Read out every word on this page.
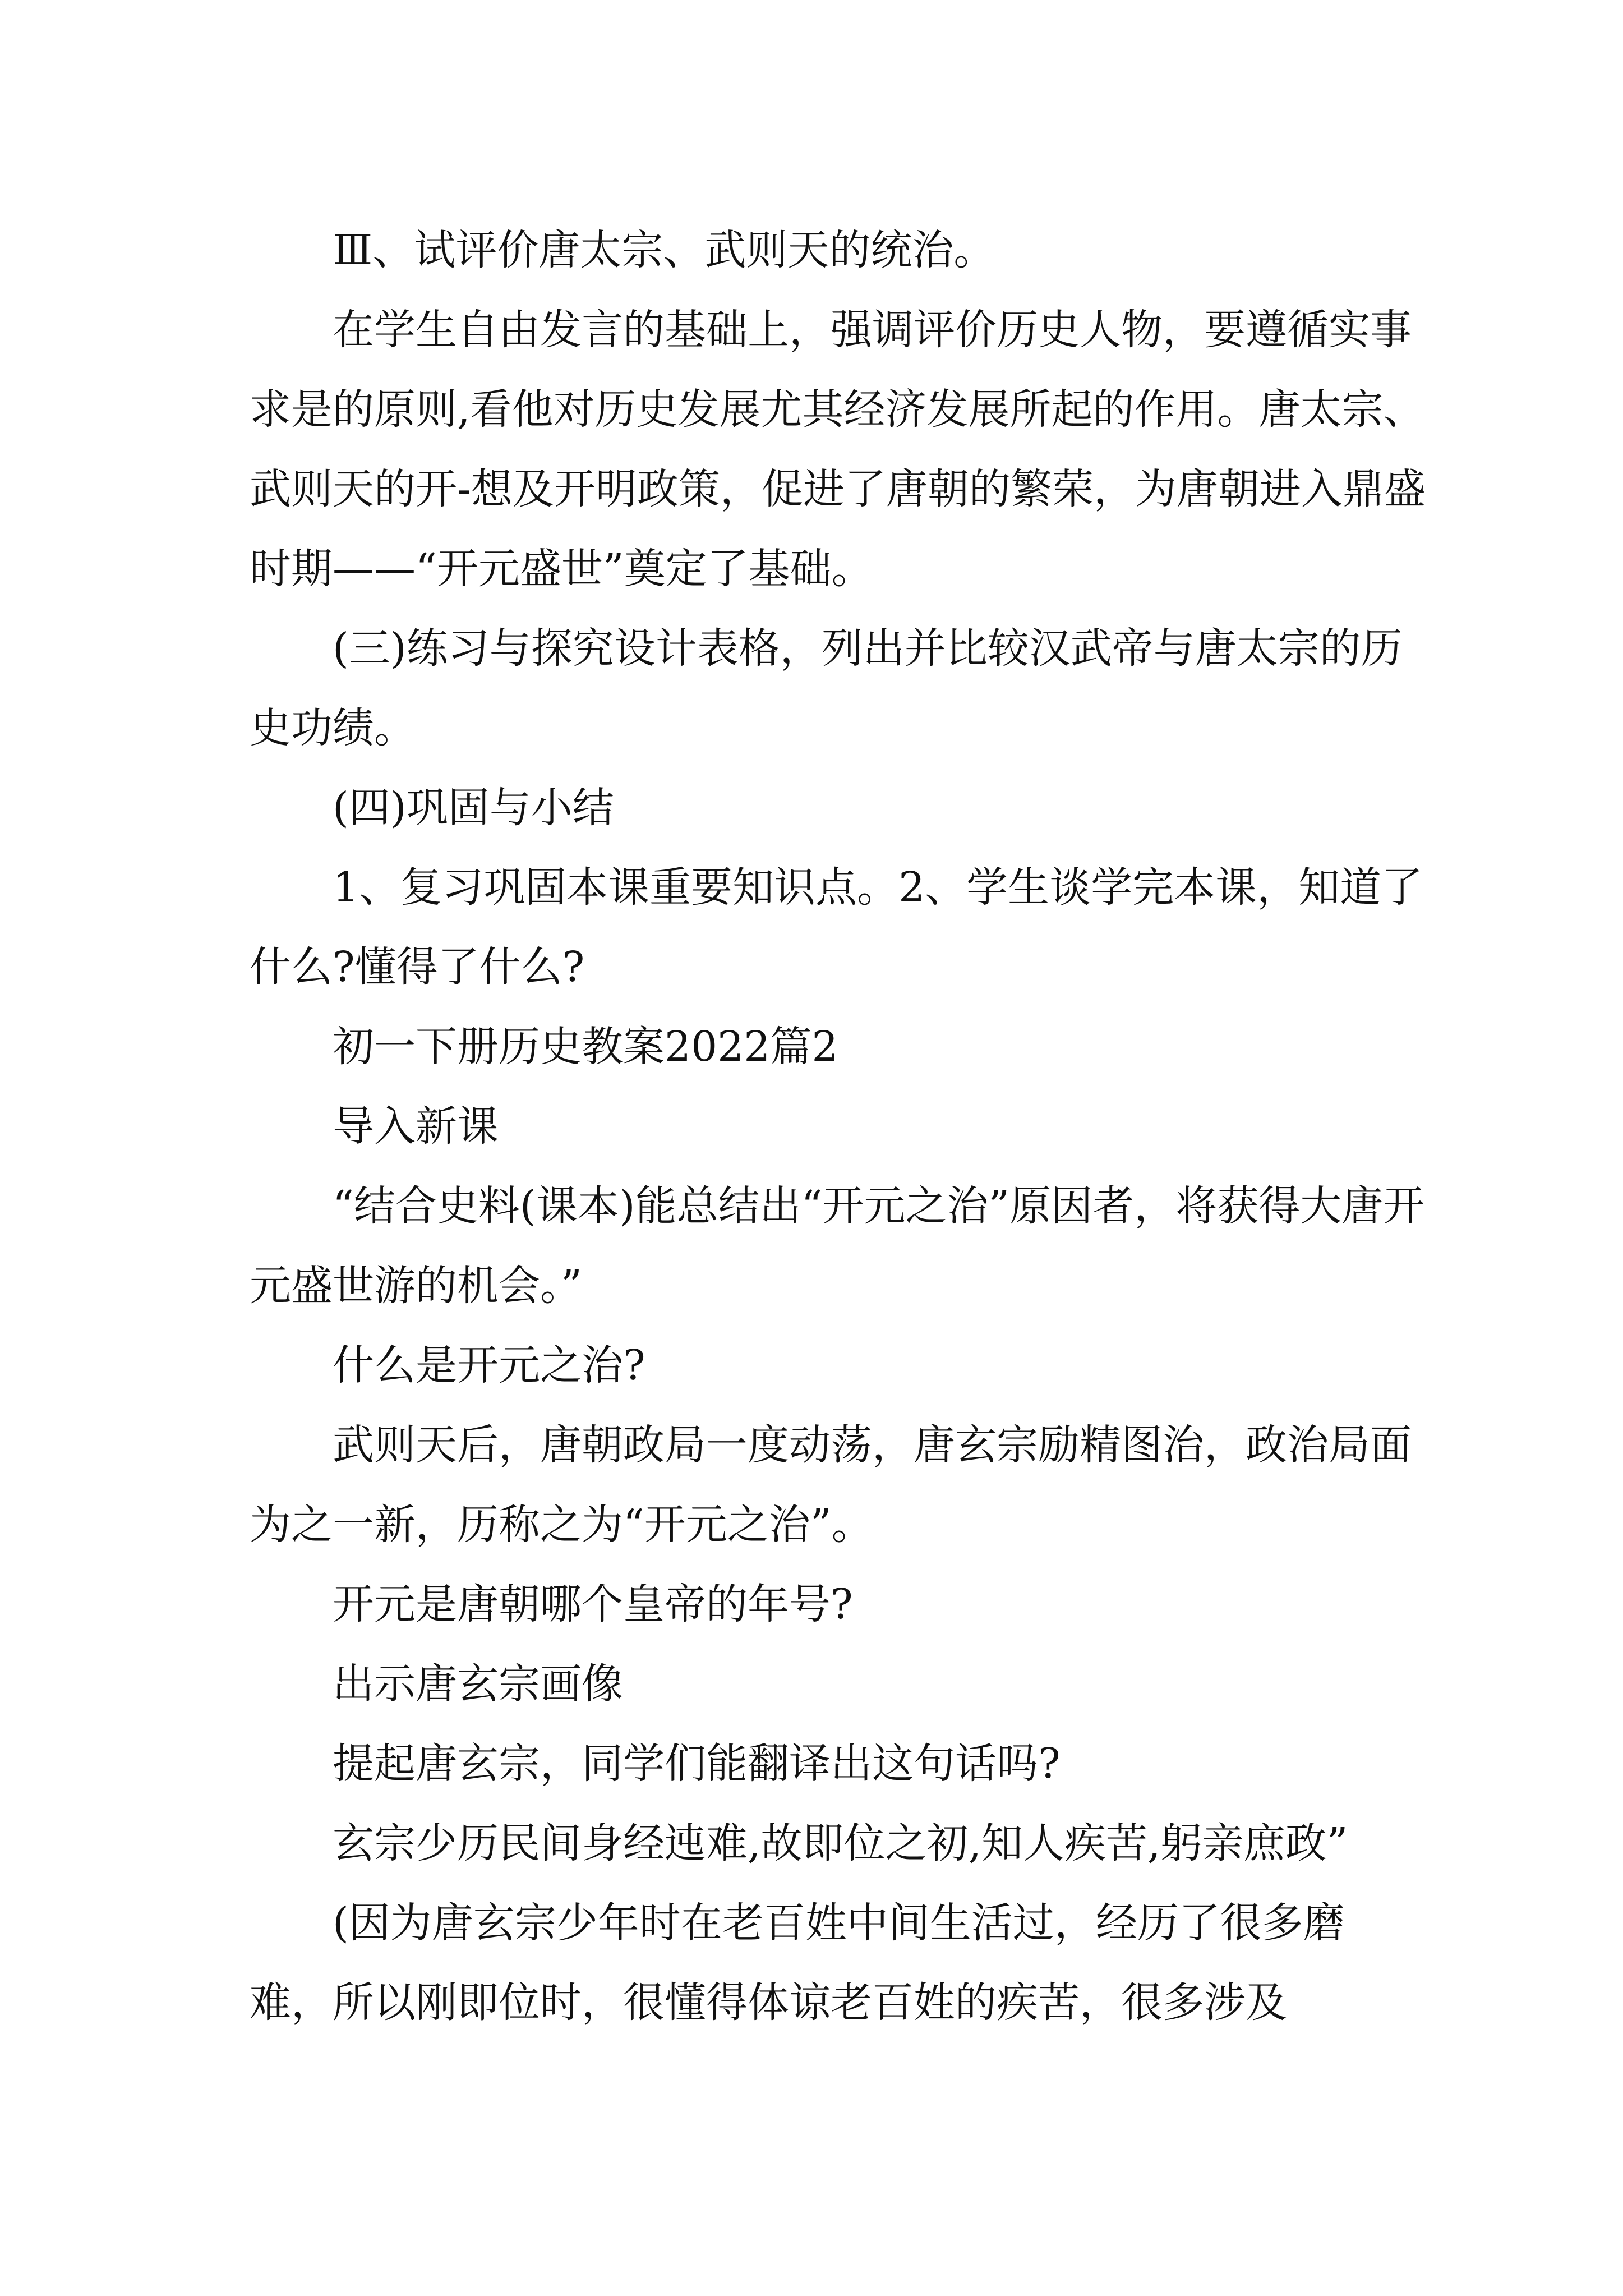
Ⅲ、试评价唐太宗、武则天的统治。

在学生自由发言的基础上，强调评价历史人物，要遵循实事求是的原则,看他对历史发展尤其经济发展所起的作用。唐太宗、武则天的开-想及开明政策，促进了唐朝的繁荣，为唐朝进入鼎盛时期——“开元盛世”奠定了基础。

(三)练习与探究设计表格，列出并比较汉武帝与唐太宗的历史功绩。

(四)巩固与小结

1、复习巩固本课重要知识点。2、学生谈学完本课，知道了什么?懂得了什么?

初一下册历史教案2022篇2

导入新课

“结合史料(课本)能总结出“开元之治”原因者，将获得大唐开元盛世游的机会。”

什么是开元之治?

武则天后，唐朝政局一度动荡，唐玄宗励精图治，政治局面为之一新，历称之为“开元之治”。

开元是唐朝哪个皇帝的年号?

出示唐玄宗画像

提起唐玄宗，同学们能翻译出这句话吗?

玄宗少历民间身经迍难,故即位之初,知人疾苦,躬亲庶政”

(因为唐玄宗少年时在老百姓中间生活过，经历了很多磨难，所以刚即位时，很懂得体谅老百姓的疾苦，很多涉及
